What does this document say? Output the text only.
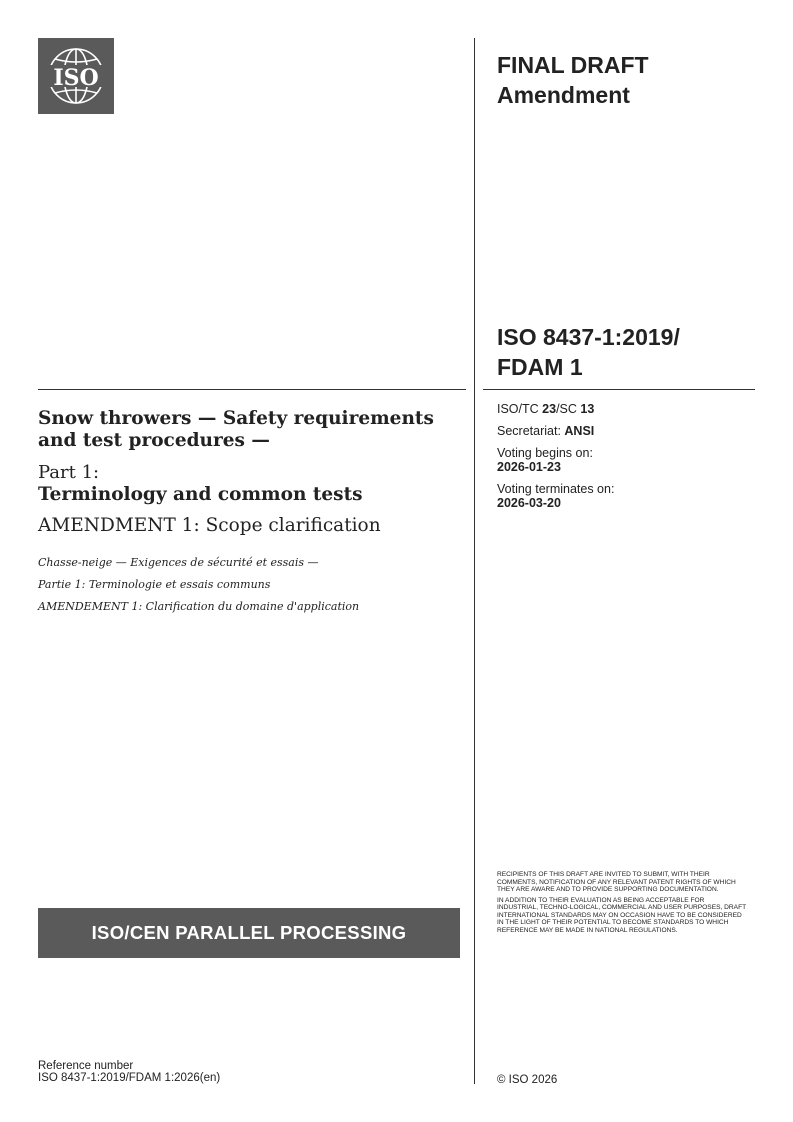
ISO	FINAL DRAFT
Amendment
ISO 8437-1:2019/
FDAM 1
ISO/TC 23/SC 13
Secretariat: ANSI
Voting begins on:
2026-01-23
Voting terminates on:
2026-03-20
Snow throwers — Safety requirements and test procedures —
Part 1:
Terminology and common tests
AMENDMENT 1: Scope clarification
Chasse-neige — Exigences de sécurité et essais —
Partie 1: Terminologie et essais communs
AMENDEMENT 1: Clarification du domaine d'application
ISO/CEN PARALLEL PROCESSING

RECIPIENTS OF THIS DRAFT ARE INVITED TO SUBMIT, WITH THEIR COMMENTS, NOTIFICATION OF ANY RELEVANT PATENT RIGHTS OF WHICH THEY ARE AWARE AND TO PROVIDE SUPPORTING DOCUMENTATION.

IN ADDITION TO THEIR EVALUATION AS BEING ACCEPTABLE FOR INDUSTRIAL, TECHNO-LOGICAL, COMMERCIAL AND USER PURPOSES, DRAFT INTERNATIONAL STANDARDS MAY ON OCCASION HAVE TO BE CONSIDERED IN THE LIGHT OF THEIR POTENTIAL TO BECOME STANDARDS TO WHICH REFERENCE MAY BE MADE IN NATIONAL REGULATIONS.

Reference number
ISO 8437-1:2019/FDAM 1:2026(en)	© ISO 2026
